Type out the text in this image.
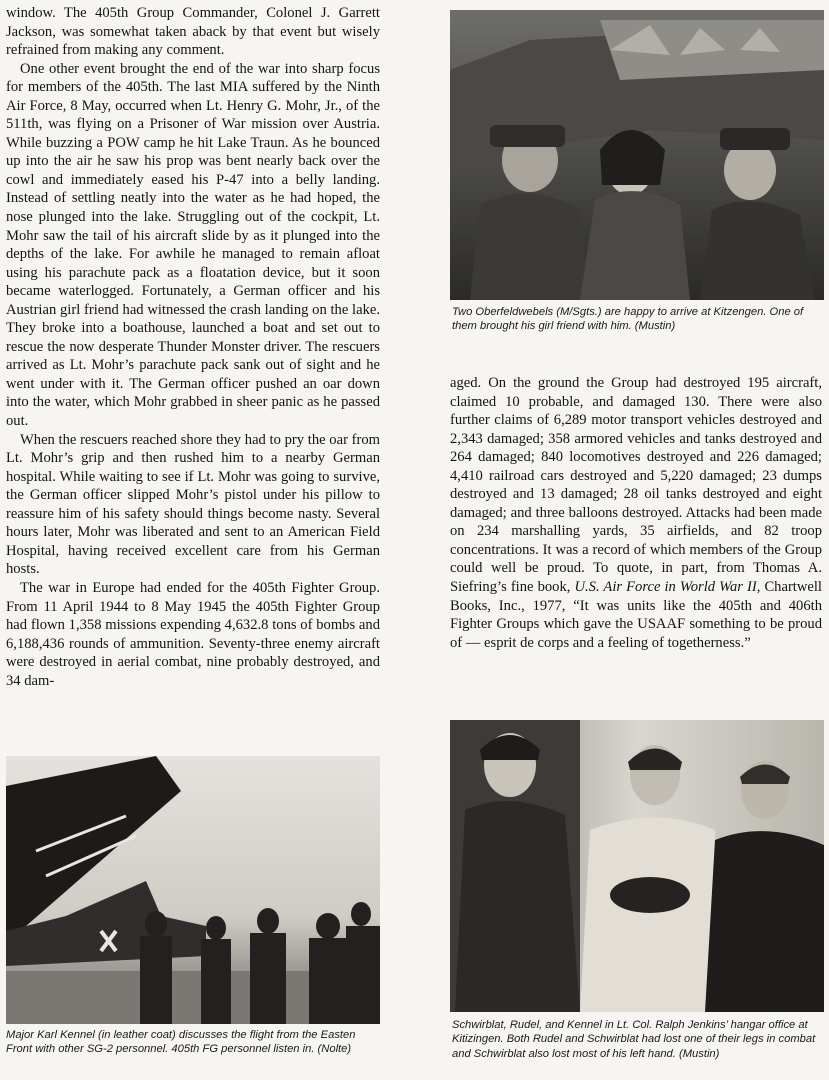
window. The 405th Group Commander, Colonel J. Garrett Jackson, was somewhat taken aback by that event but wisely refrained from making any comment.

One other event brought the end of the war into sharp focus for members of the 405th. The last MIA suffered by the Ninth Air Force, 8 May, occurred when Lt. Henry G. Mohr, Jr., of the 511th, was flying on a Prisoner of War mission over Austria. While buzzing a POW camp he hit Lake Traun. As he bounced up into the air he saw his prop was bent nearly back over the cowl and immediately eased his P-47 into a belly landing. Instead of settling neatly into the water as he had hoped, the nose plunged into the lake. Struggling out of the cockpit, Lt. Mohr saw the tail of his aircraft slide by as it plunged into the depths of the lake. For awhile he managed to remain afloat using his parachute pack as a floatation device, but it soon became waterlogged. Fortunately, a German officer and his Austrian girl friend had witnessed the crash landing on the lake. They broke into a boathouse, launched a boat and set out to rescue the now desperate Thunder Monster driver. The rescuers arrived as Lt. Mohr’s parachute pack sank out of sight and he went under with it. The German officer pushed an oar down into the water, which Mohr grabbed in sheer panic as he passed out.

When the rescuers reached shore they had to pry the oar from Lt. Mohr’s grip and then rushed him to a nearby German hospital. While waiting to see if Lt. Mohr was going to survive, the German officer slipped Mohr’s pistol under his pillow to reassure him of his safety should things become nasty. Several hours later, Mohr was liberated and sent to an American Field Hospital, having received excellent care from his German hosts.

The war in Europe had ended for the 405th Fighter Group. From 11 April 1944 to 8 May 1945 the 405th Fighter Group had flown 1,358 missions expending 4,632.8 tons of bombs and 6,188,436 rounds of ammunition. Seventy-three enemy aircraft were destroyed in aerial combat, nine probably destroyed, and 34 dam-

Two Oberfeldwebels (M/Sgts.) are happy to arrive at Kitzengen. One of them brought his girl friend with him. (Mustin)

aged. On the ground the Group had destroyed 195 aircraft, claimed 10 probable, and damaged 130. There were also further claims of 6,289 motor transport vehicles destroyed and 2,343 damaged; 358 armored vehicles and tanks destroyed and 264 damaged; 840 locomotives destroyed and 226 damaged; 4,410 railroad cars destroyed and 5,220 damaged; 23 dumps destroyed and 13 damaged; 28 oil tanks destroyed and eight damaged; and three balloons destroyed. Attacks had been made on 234 marshalling yards, 35 airfields, and 82 troop concentrations. It was a record of which members of the Group could well be proud. To quote, in part, from Thomas A. Siefring’s fine book, U.S. Air Force in World War II, Chartwell Books, Inc., 1977, “It was units like the 405th and 406th Fighter Groups which gave the USAAF something to be proud of — esprit de corps and a feeling of togetherness.”

Major Karl Kennel (in leather coat) discusses the flight from the Easten Front with other SG-2 personnel. 405th FG personnel listen in. (Nolte)

Schwirblat, Rudel, and Kennel in Lt. Col. Ralph Jenkins’ hangar office at Kitizingen. Both Rudel and Schwirblat had lost one of their legs in combat and Schwirblat also lost most of his left hand. (Mustin)
